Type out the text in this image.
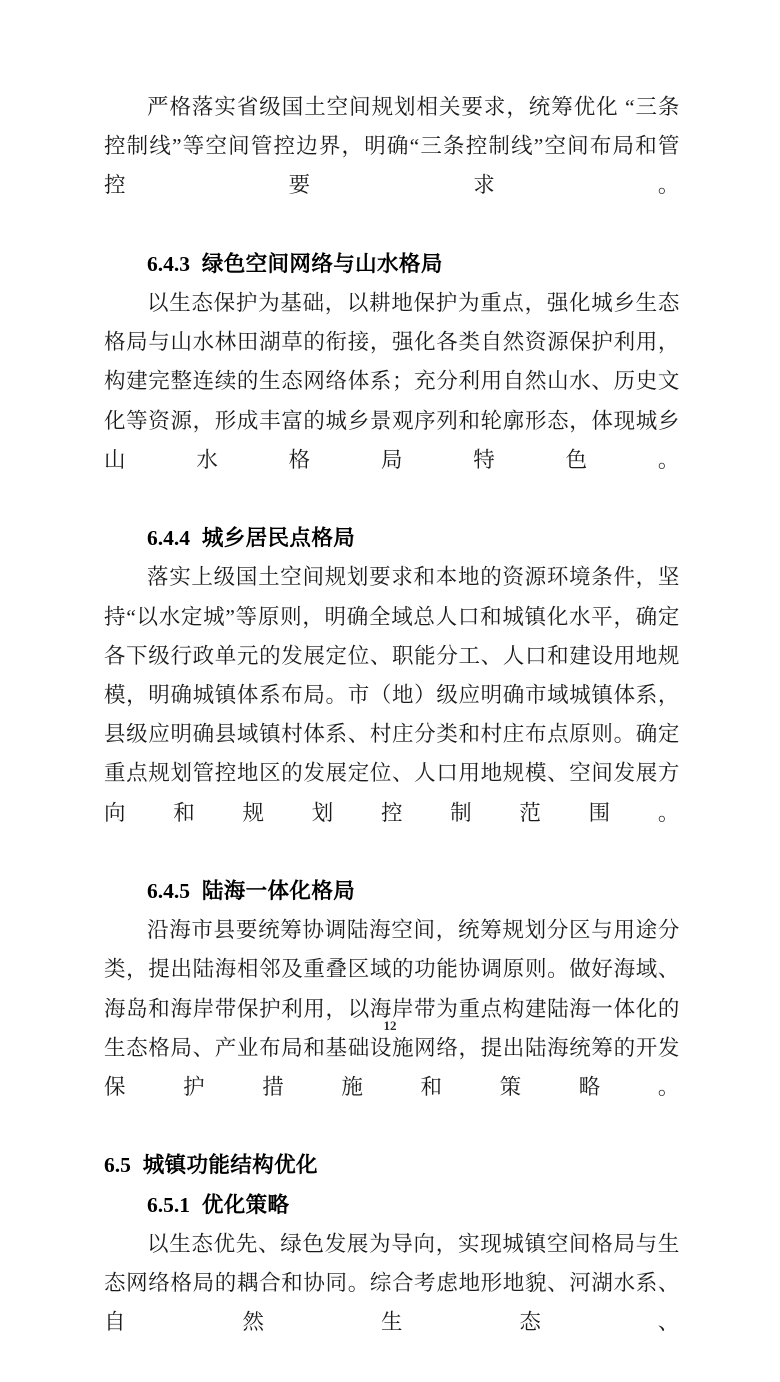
严格落实省级国土空间规划相关要求，统筹优化 “三条控制线”等空间管控边界，明确“三条控制线”空间布局和管控要求。

6.4.3 绿色空间网络与山水格局

以生态保护为基础，以耕地保护为重点，强化城乡生态格局与山水林田湖草的衔接，强化各类自然资源保护利用，构建完整连续的生态网络体系；充分利用自然山水、历史文化等资源，形成丰富的城乡景观序列和轮廓形态，体现城乡山水格局特色。

6.4.4 城乡居民点格局

落实上级国土空间规划要求和本地的资源环境条件，坚持“以水定城”等原则，明确全域总人口和城镇化水平，确定各下级行政单元的发展定位、职能分工、人口和建设用地规模，明确城镇体系布局。市（地）级应明确市域城镇体系，县级应明确县域镇村体系、村庄分类和村庄布点原则。确定重点规划管控地区的发展定位、人口用地规模、空间发展方向和规划控制范围。

6.4.5 陆海一体化格局

沿海市县要统筹协调陆海空间，统筹规划分区与用途分类，提出陆海相邻及重叠区域的功能协调原则。做好海域、海岛和海岸带保护利用，以海岸带为重点构建陆海一体化的生态格局、产业布局和基础设施网络，提出陆海统筹的开发保护措施和策略。

6.5 城镇功能结构优化
6.5.1 优化策略

以生态优先、绿色发展为导向，实现城镇空间格局与生态网络格局的耦合和协同。综合考虑地形地貌、河湖水系、自然生态、

12
